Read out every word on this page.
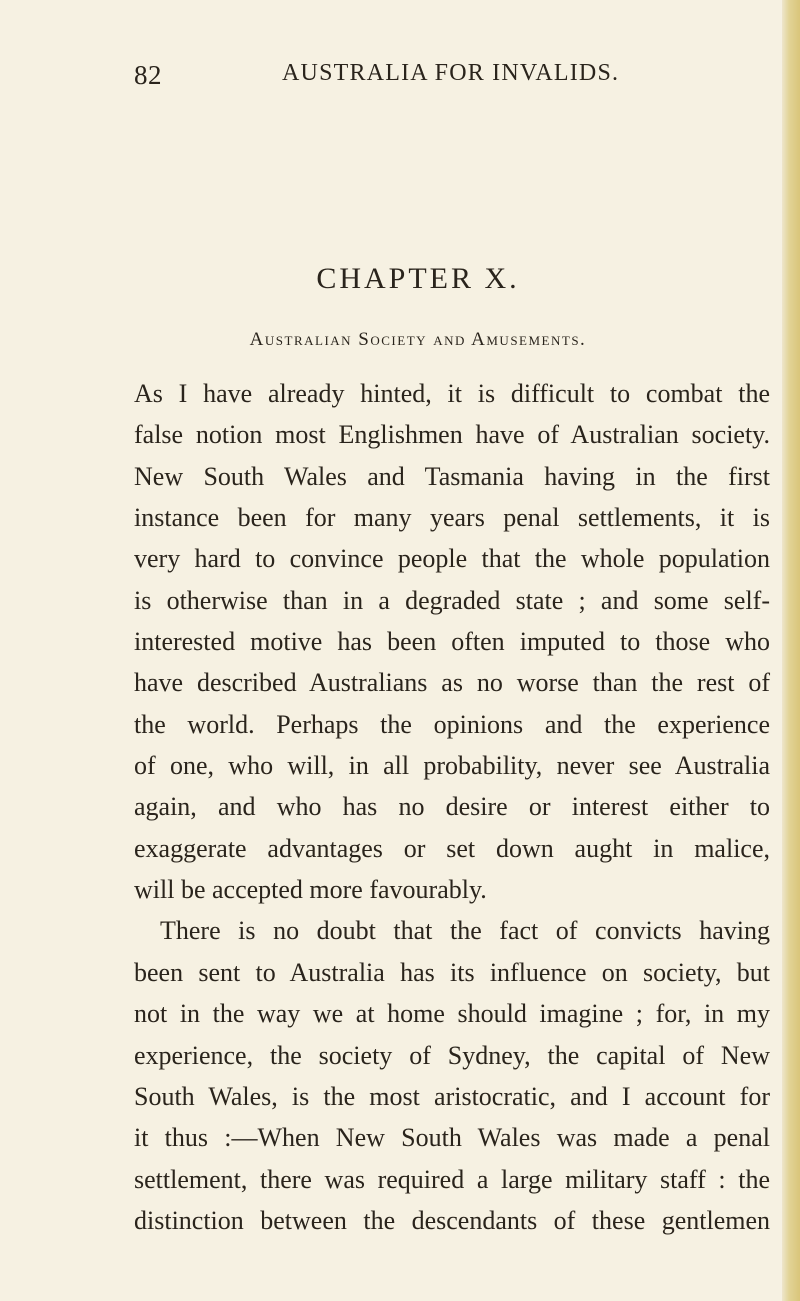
82	AUSTRALIA FOR INVALIDS.
CHAPTER X.
Australian Society and Amusements.
As I have already hinted, it is difficult to combat the
false notion most Englishmen have of Australian society.
New South Wales and Tasmania having in the first
instance been for many years penal settlements, it is
very hard to convince people that the whole population
is otherwise than in a degraded state ; and some self-
interested motive has been often imputed to those who
have described Australians as no worse than the rest of
the world. Perhaps the opinions and the experience
of one, who will, in all probability, never see Australia
again, and who has no desire or interest either to
exaggerate advantages or set down aught in malice,
will be accepted more favourably.
There is no doubt that the fact of convicts having
been sent to Australia has its influence on society, but
not in the way we at home should imagine ; for, in my
experience, the society of Sydney, the capital of New
South Wales, is the most aristocratic, and I account for
it thus :—When New South Wales was made a penal
settlement, there was required a large military staff : the
distinction between the descendants of these gentlemen
